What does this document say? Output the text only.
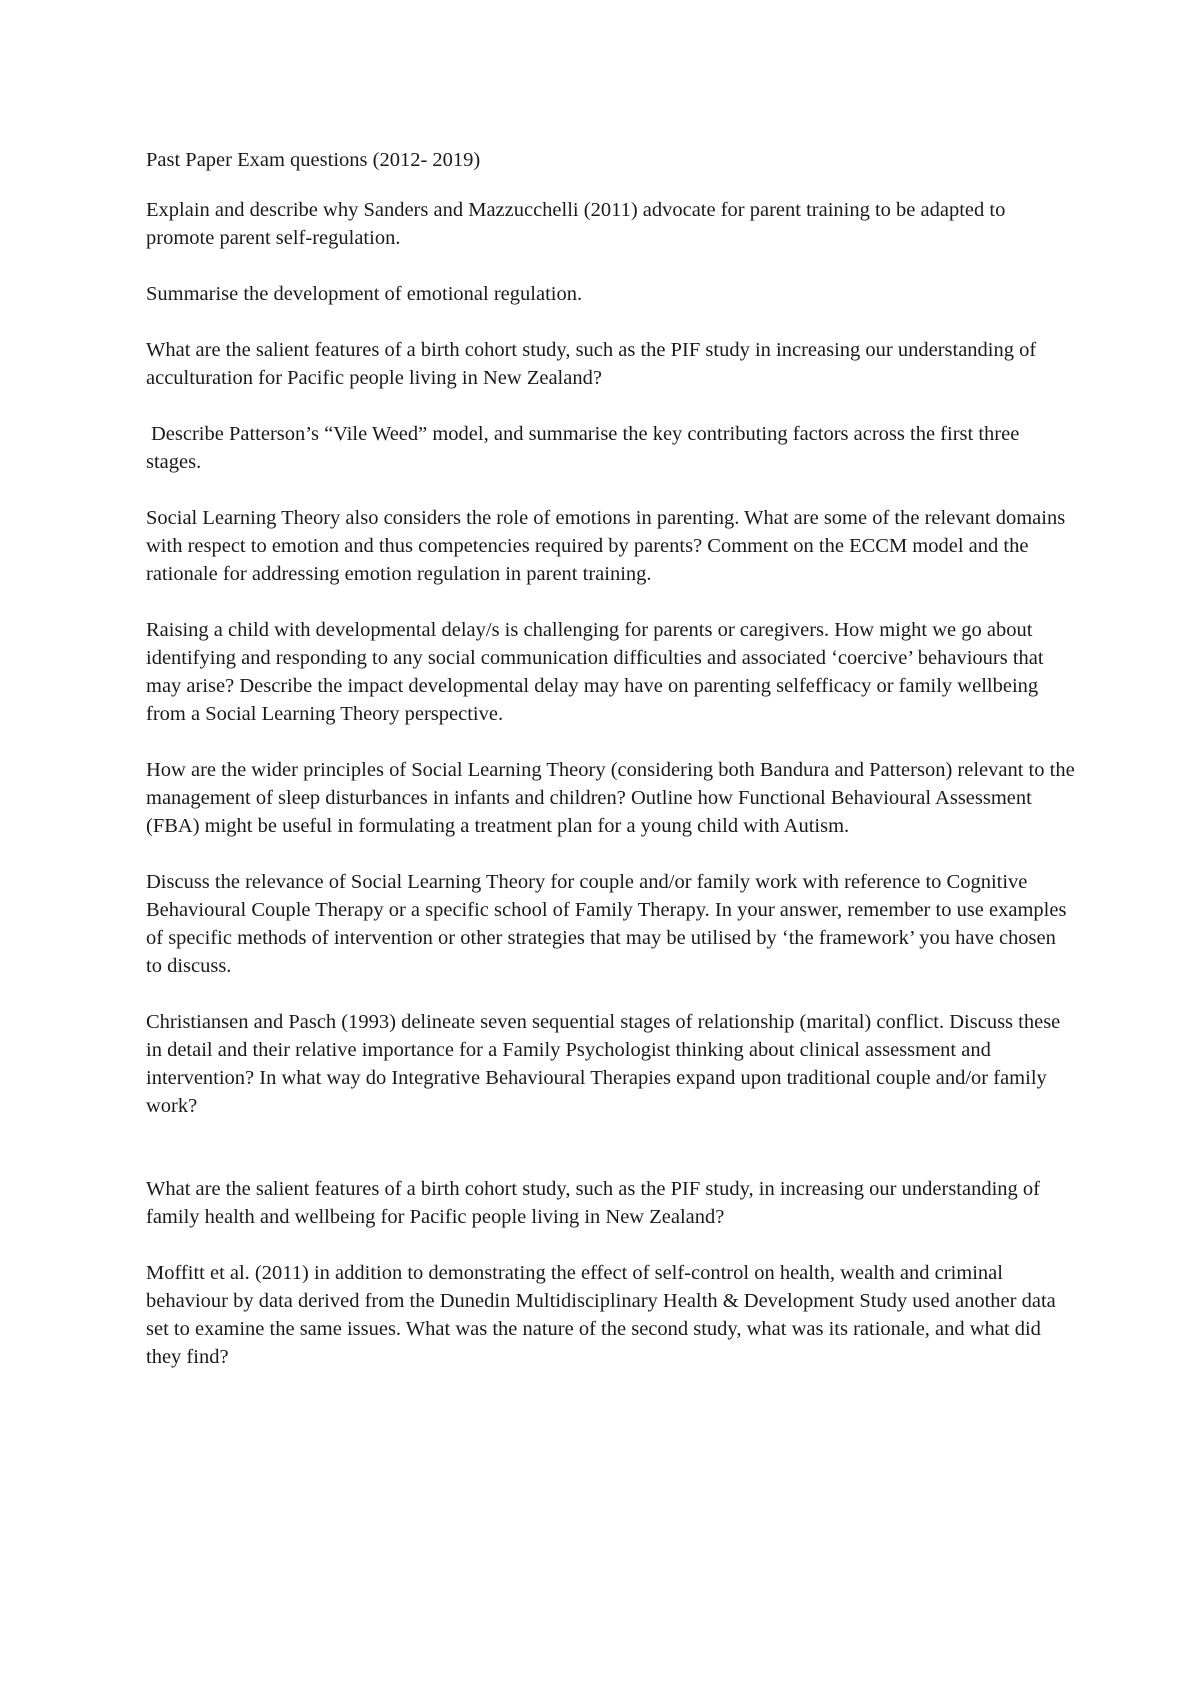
Past Paper Exam questions (2012- 2019)

Explain and describe why Sanders and Mazzucchelli (2011) advocate for parent training to be adapted to promote parent self-regulation.

Summarise the development of emotional regulation.

What are the salient features of a birth cohort study, such as the PIF study in increasing our understanding of acculturation for Pacific people living in New Zealand?

Describe Patterson’s “Vile Weed” model, and summarise the key contributing factors across the first three stages.

Social Learning Theory also considers the role of emotions in parenting. What are some of the relevant domains with respect to emotion and thus competencies required by parents? Comment on the ECCM model and the rationale for addressing emotion regulation in parent training.

Raising a child with developmental delay/s is challenging for parents or caregivers. How might we go about identifying and responding to any social communication difficulties and associated ‘coercive’ behaviours that may arise? Describe the impact developmental delay may have on parenting selfefficacy or family wellbeing from a Social Learning Theory perspective.

How are the wider principles of Social Learning Theory (considering both Bandura and Patterson) relevant to the management of sleep disturbances in infants and children? Outline how Functional Behavioural Assessment (FBA) might be useful in formulating a treatment plan for a young child with Autism.

Discuss the relevance of Social Learning Theory for couple and/or family work with reference to Cognitive Behavioural Couple Therapy or a specific school of Family Therapy. In your answer, remember to use examples of specific methods of intervention or other strategies that may be utilised by ‘the framework’ you have chosen to discuss.

Christiansen and Pasch (1993) delineate seven sequential stages of relationship (marital) conflict. Discuss these in detail and their relative importance for a Family Psychologist thinking about clinical assessment and intervention? In what way do Integrative Behavioural Therapies expand upon traditional couple and/or family work?

What are the salient features of a birth cohort study, such as the PIF study, in increasing our understanding of family health and wellbeing for Pacific people living in New Zealand?

Moffitt et al. (2011) in addition to demonstrating the effect of self-control on health, wealth and criminal behaviour by data derived from the Dunedin Multidisciplinary Health & Development Study used another data set to examine the same issues. What was the nature of the second study, what was its rationale, and what did they find?
